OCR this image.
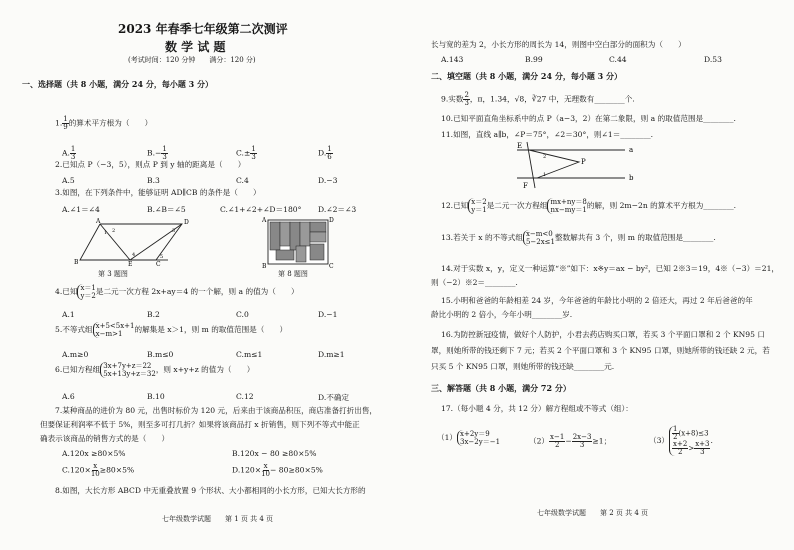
2023 年春季七年级第二次测评
数 学 试 题
(考试时间：120 分钟　　满分：120 分)
一、选择题（共 8 小题，满分 24 分，每小题 3 分）
1. $\frac{1}{9}$ 的算术平方根为（　　）
A. $\frac{1}{3}$	$B.- \frac{1}{3}$	$C.\pm \frac{1}{3}$	D. $\frac{1}{6}$
2.已知点 P（−3，5），则点 P 到 y 轴的距离是（　　）
A.5	B.3	C.4	D.−3
3.如图，在下列条件中，能够证明 AD∥CB 的条件是（　　）
A.∠1＝∠4	B.∠B＝∠5	C.∠1+∠2+∠D＝180° D.∠2＝∠3
A	D
B	E	C
1 2	3
4	5
第 3 题图
A	D
B	C
第 8 题图
4.已知 x＝1
y＝2 是二元一次方程 2x+ay＝4 的一个解，则 a 的值为（　　）
A.1	B.2	C.0	D.−1
5.不等式组 x+5<5x+1
x−m>1	的解集是 x＞1，则 m 的取值范围是（　　）
A.m≥0	B.m≤0	C.m≤1	D.m≥1
6.已知方程组 3x+7y+z＝22
5x+13y+z＝32 ，则 x+y+z 的值为（　　）
A.6	B.10	C.12	D.不确定
7.某种商品的进价为 80 元，出售时标价为 120 元，后来由于该商品积压，商店准备打折出售，
但要保证利润率不低于 5%，则至多可打几折？如果将该商品打 x 折销售，则下列不等式中能正
确表示该商品的销售方式的是（　　）
A.120x ≥80×5%	B.120x − 80 ≥80×5%
$C.120\times \frac{x}{10} \ge 80\times 5\%$	$D.120\times \frac{x}{10} - 80\ge 80\times 5\%$
8.如图，大长方形 ABCD 中无重叠放置 9 个形状、大小都相同的小长方形，已知大长方形的
七年级数学试题　　第 1 页 共 4 页
长与宽的差为 2，小长方形的周长为 14，则图中空白部分的面积为（　　）
A.143	B.99	C.44	D.53
二、填空题（共 8 小题，满分 24 分，每小题 3 分）
9.实数 $\frac{2}{3}$ ，π，1.34，√8，∛27 中，无理数有________个.
10.已知平面直角坐标系中的点 P（a−3，2）在第二象限，则 a 的取值范围是________.
11.如图，直线 a∥b，∠P＝75°，∠2＝30°，则∠1＝________.
E	a
P
b
F
1
2
12.已知 x＝2
y＝1 是二元一次方程组 mx+ny＝8
nx−my＝1 的解，则 2m−2n 的算术平方根为________.
13.若关于 x 的不等式组 x−m<0
5−2x≤1 整数解共有 3 个，则 m 的取值范围是________.
14.对于实数 x，y，定义一种运算“※”如下：x※y＝ax − by²，已知 2※3＝19，4※（−3）＝21，
则（−2）※2＝________.
15.小明和爸爸的年龄相差 24 岁，今年爸爸的年龄比小明的 2 倍还大，再过 2 年后爸爸的年
龄比小明的 2 倍小，今年小明________岁.
16.为防控新冠疫情，做好个人防护，小君去药店购买口罩，若买 3 个平面口罩和 2 个 KN95 口
罩，则她所带的钱还剩下 7 元；若买 2 个平面口罩和 3 个 KN95 口罩，则她所带的钱还缺 2 元，若
只买 5 个 KN95 口罩，则她所带的钱还缺________元.
三、解答题（共 8 小题，满分 72 分）
17.（每小题 4 分，共 12 分）解方程组或不等式（组）：
（1） x+2y＝9
3x−2y＝−1	$(2) \frac{x-1}{2} - \frac{2x-3}{3} \ge 1$；	$(3) \frac{1}{2} (x+8)\le 3$
$\frac{x+2}{2} > \frac{x+3}{3}$
.
七年级数学试题　　第 2 页 共 4 页
